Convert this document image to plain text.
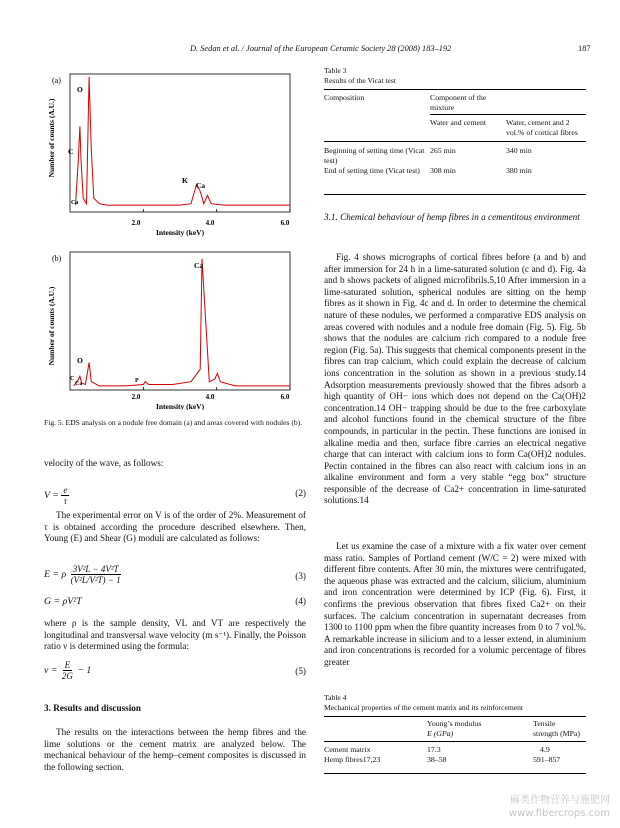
D. Sedan et al. / Journal of the European Ceramic Society 28 (2008) 183–192	187
(a)
Number of counts (A.U.)
2.0	4.0	6.0
Intensity (keV)
O
C
Ca
K
Ca
(b)
Number of counts (A.U.)
2.0	4.0	6.0
Intensity (keV)
Ca
O
C
Ca	P
Fig. 5. EDS analysis on a nodule free domain (a) and areas covered with nodules (b).

velocity of the wave, as follows:

$V = \frac{e}{\tau}$	(2)

The experimental error on V is of the order of 2%. Measurement of τ is obtained according the procedure described elsewhere. Then, Young (E) and Shear (G) moduli are calculated as follows:

E = ρ $\frac{\text{3V²L − 4V²T}}{\text{(V²L/V²T) − 1}}$	(3)
G = ρV²T	(4)

where ρ is the sample density, VL and VT are respectively the longitudinal and transversal wave velocity (m s⁻¹). Finally, the Poisson ratio ν is determined using the formula:

$\nu = \frac{E}{2G} - 1$	(5)
3. Results and discussion

The results on the interactions between the hemp fibres and the lime solutions or the cement matrix are analyzed below. The mechanical behaviour of the hemp–cement composites is discussed in the following section.

Table 3
Results of the Vicat test
Composition	Component of the mixture	

	Water and cement	Water, cement and 2 vol.% of cortical fibres

Beginning of setting time (Vicat test)	265 min	340 min
End of setting time (Vicat test)	308 min	380 min
3.1. Chemical behaviour of hemp fibres in a cementitous environment

Fig. 4 shows micrographs of cortical fibres before (a and b) and after immersion for 24 h in a lime-saturated solution (c and d). Fig. 4a and b shows packets of aligned microfibrils.5,10 After immersion in a lime-saturated solution, spherical nodules are sitting on the hemp fibres as it shown in Fig. 4c and d. In order to determine the chemical nature of these nodules, we performed a comparative EDS analysis on areas covered with nodules and a nodule free domain (Fig. 5). Fig. 5b shows that the nodules are calcium rich compared to a nodule free region (Fig. 5a). This suggests that chemical components present in the fibres can trap calcium, which could explain the decrease of calcium ions concentration in the solution as shown in a previous study.14 Adsorption measurements previously showed that the fibres adsorb a high quantity of OH− ions which does not depend on the Ca(OH)2 concentration.14 OH− trapping should be due to the free carboxylate and alcohol functions found in the chemical structure of the fibre compounds, in particular in the pectin. These functions are ionised in alkaline media and then, surface fibre carries an electrical negative charge that can interact with calcium ions to form Ca(OH)2 nodules. Pectin contained in the fibres can also react with calcium ions in an alkaline environment and form a very stable “egg box” structure responsible of the decrease of Ca2+ concentration in lime-saturated solutions.14

Let us examine the case of a mixture with a fix water over cement mass ratio. Samples of Portland cement (W/C = 2) were mixed with different fibre contents. After 30 min, the mixtures were centrifugated, the aqueous phase was extracted and the calcium, silicium, aluminium and iron concentration were determined by ICP (Fig. 6). First, it confirms the previous observation that fibres fixed Ca2+ on their surfaces. The calcium concentration in supernatant decreases from 1300 to 1100 ppm when the fibre quantity increases from 0 to 7 vol.%. A remarkable increase in silicium and to a lesser extend, in aluminium and iron concentrations is recorded for a volumic percentage of fibres greater

Table 4
Mechanical properties of the cement matrix and its reinforcement
	Young’s modulus	Tensile
	E (GPa)	strength (MPa)

Cement matrix	17.3	4.9
Hemp fibres17,23	38–58	591–857
麻类作物营养与施肥网
www.fibercrops.com
